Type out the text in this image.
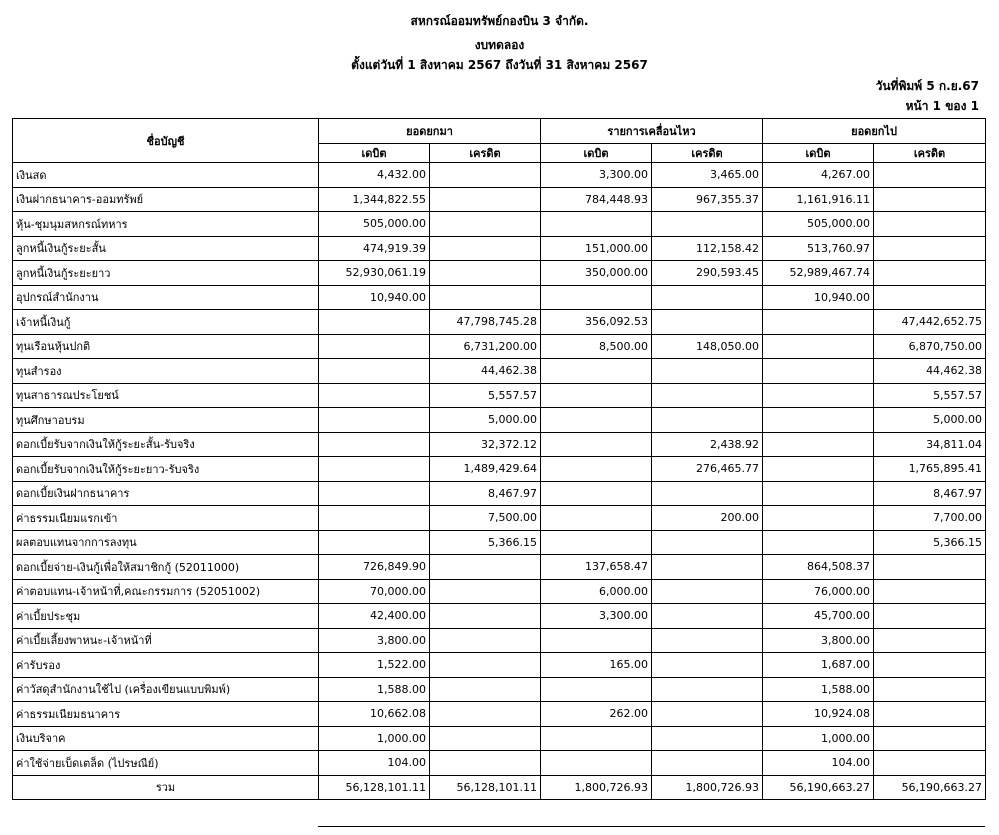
สหกรณ์ออมทรัพย์กองบิน 3 จำกัด.
งบทดลอง
ตั้งแต่วันที่ 1 สิงหาคม 2567 ถึงวันที่ 31 สิงหาคม 2567
วันที่พิมพ์ 5 ก.ย.67
หน้า 1 ของ 1
ชื่อบัญชี	ยอดยกมา		รายการเคลื่อนไหว		ยอดยกไป	
	เดบิต	เครดิต	เดบิต	เครดิต	เดบิต	เครดิต
เงินสด	4,432.00		3,300.00	3,465.00	4,267.00	
เงินฝากธนาคาร-ออมทรัพย์	1,344,822.55		784,448.93	967,355.37	1,161,916.11	
หุ้น-ชุมนุมสหกรณ์ทหาร	505,000.00				505,000.00	
ลูกหนี้เงินกู้ระยะสั้น	474,919.39		151,000.00	112,158.42	513,760.97	
ลูกหนี้เงินกู้ระยะยาว	52,930,061.19		350,000.00	290,593.45	52,989,467.74	
อุปกรณ์สำนักงาน	10,940.00				10,940.00	
เจ้าหนี้เงินกู้		47,798,745.28	356,092.53			47,442,652.75
ทุนเรือนหุ้นปกติ		6,731,200.00	8,500.00	148,050.00		6,870,750.00
ทุนสำรอง		44,462.38				44,462.38
ทุนสาธารณประโยชน์		5,557.57				5,557.57
ทุนศึกษาอบรม		5,000.00				5,000.00
ดอกเบี้ยรับจากเงินให้กู้ระยะสั้น-รับจริง		32,372.12		2,438.92		34,811.04
ดอกเบี้ยรับจากเงินให้กู้ระยะยาว-รับจริง		1,489,429.64		276,465.77		1,765,895.41
ดอกเบี้ยเงินฝากธนาคาร		8,467.97				8,467.97
ค่าธรรมเนียมแรกเข้า		7,500.00		200.00		7,700.00
ผลตอบแทนจากการลงทุน		5,366.15				5,366.15
ดอกเบี้ยจ่าย-เงินกู้เพื่อให้สมาชิกกู้ (52011000)	726,849.90		137,658.47		864,508.37	
ค่าตอบแทน-เจ้าหน้าที่,คณะกรรมการ (52051002)	70,000.00		6,000.00		76,000.00	
ค่าเบี้ยประชุม	42,400.00		3,300.00		45,700.00	
ค่าเบี้ยเลี้ยงพาหนะ-เจ้าหน้าที่	3,800.00				3,800.00	
ค่ารับรอง	1,522.00		165.00		1,687.00	
ค่าวัสดุสำนักงานใช้ไป (เครื่องเขียนแบบพิมพ์)	1,588.00				1,588.00	
ค่าธรรมเนียมธนาคาร	10,662.08		262.00		10,924.08	
เงินบริจาค	1,000.00				1,000.00	
ค่าใช้จ่ายเบ็ดเตล็ด (ไปรษณีย์)	104.00				104.00	
รวม	56,128,101.11	56,128,101.11	1,800,726.93	1,800,726.93	56,190,663.27	56,190,663.27
